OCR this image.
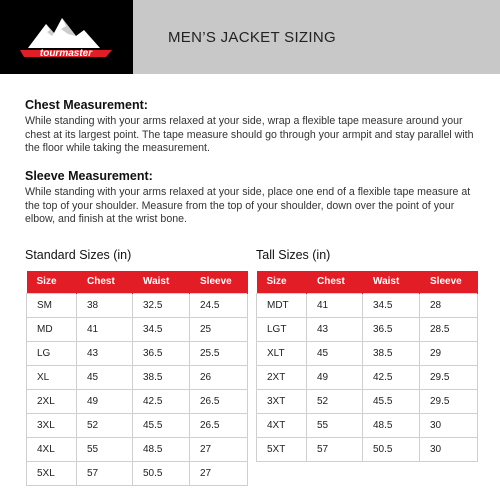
tourmaster
MEN’S JACKET SIZING
Chest Measurement:

While standing with your arms relaxed at your side, wrap a flexible tape measure around your chest at its largest point. The tape measure should go through your armpit and stay parallel with the floor while taking the measurement.

Sleeve Measurement:

While standing with your arms relaxed at your side, place one end of a flexible tape measure at the top of your shoulder. Measure from the top of your shoulder, down over the point of your elbow, and finish at the wrist bone.

Standard Sizes (in)	Tall Sizes (in)
Size	Chest	Waist	Sleeve
SM	38	32.5	24.5
MD	41	34.5	25
LG	43	36.5	25.5
XL	45	38.5	26
2XL	49	42.5	26.5
3XL	52	45.5	26.5
4XL	55	48.5	27
5XL	57	50.5	27
Size	Chest	Waist	Sleeve
MDT	41	34.5	28
LGT	43	36.5	28.5
XLT	45	38.5	29
2XT	49	42.5	29.5
3XT	52	45.5	29.5
4XT	55	48.5	30
5XT	57	50.5	30
